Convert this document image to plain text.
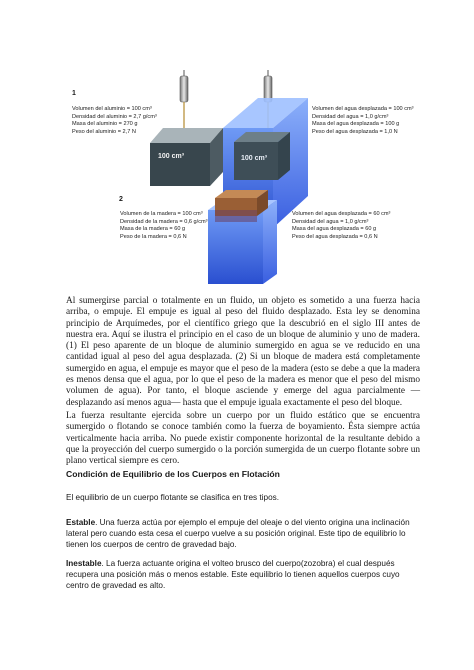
100 cm³	100 cm³
1
Volumen del aluminio = 100 cm³
Densidad del aluminio = 2,7 g/cm³
Masa del aluminio = 270 g
Peso del aluminio = 2,7 N
Volumen del agua desplazada = 100 cm³
Densidad del agua = 1,0 g/cm³
Masa del agua desplazada = 100 g
Peso del agua desplazada = 1,0 N
2
Volumen de la madera = 100 cm³
Densidad de la madera = 0,6 g/cm³
Masa de la madera = 60 g
Peso de la madera = 0,6 N
Volumen del agua desplazada = 60 cm³
Densidad del agua = 1,0 g/cm³
Masa del agua desplazada = 60 g
Peso del agua desplazada = 0,6 N

Al sumergirse parcial o totalmente en un fluido, un objeto es sometido a una fuerza hacia arriba, o empuje. El empuje es igual al peso del fluido desplazado. Esta ley se denomina principio de Arquímedes, por el científico griego que la descubrió en el siglo III antes de nuestra era. Aquí se ilustra el principio en el caso de un bloque de aluminio y uno de madera. (1) El peso aparente de un bloque de aluminio sumergido en agua se ve reducido en una cantidad igual al peso del agua desplazada. (2) Si un bloque de madera está completamente sumergido en agua, el empuje es mayor que el peso de la madera (esto se debe a que la madera es menos densa que el agua, por lo que el peso de la madera es menor que el peso del mismo volumen de agua). Por tanto, el bloque asciende y emerge del agua parcialmente — desplazando así menos agua— hasta que el empuje iguala exactamente el peso del bloque.

La fuerza resultante ejercida sobre un cuerpo por un fluido estático que se encuentra sumergido o flotando se conoce también como la fuerza de boyamiento. Ésta siempre actúa verticalmente hacia arriba. No puede existir componente horizontal de la resultante debido a que la proyección del cuerpo sumergido o la porción sumergida de un cuerpo flotante sobre un plano vertical siempre es cero.

Condición de Equilibrio de los Cuerpos en Flotación

El equilibrio de un cuerpo flotante se clasifica en tres tipos.

Estable. Una fuerza actúa por ejemplo el empuje del oleaje o del viento origina una inclinación lateral pero cuando esta cesa el cuerpo vuelve a su posición original. Este tipo de equilibrio lo tienen los cuerpos de centro de gravedad bajo.

Inestable. La fuerza actuante origina el volteo brusco del cuerpo(zozobra) el cual después recupera una posición más o menos estable. Este equilibrio lo tienen aquellos cuerpos cuyo centro de gravedad es alto.
